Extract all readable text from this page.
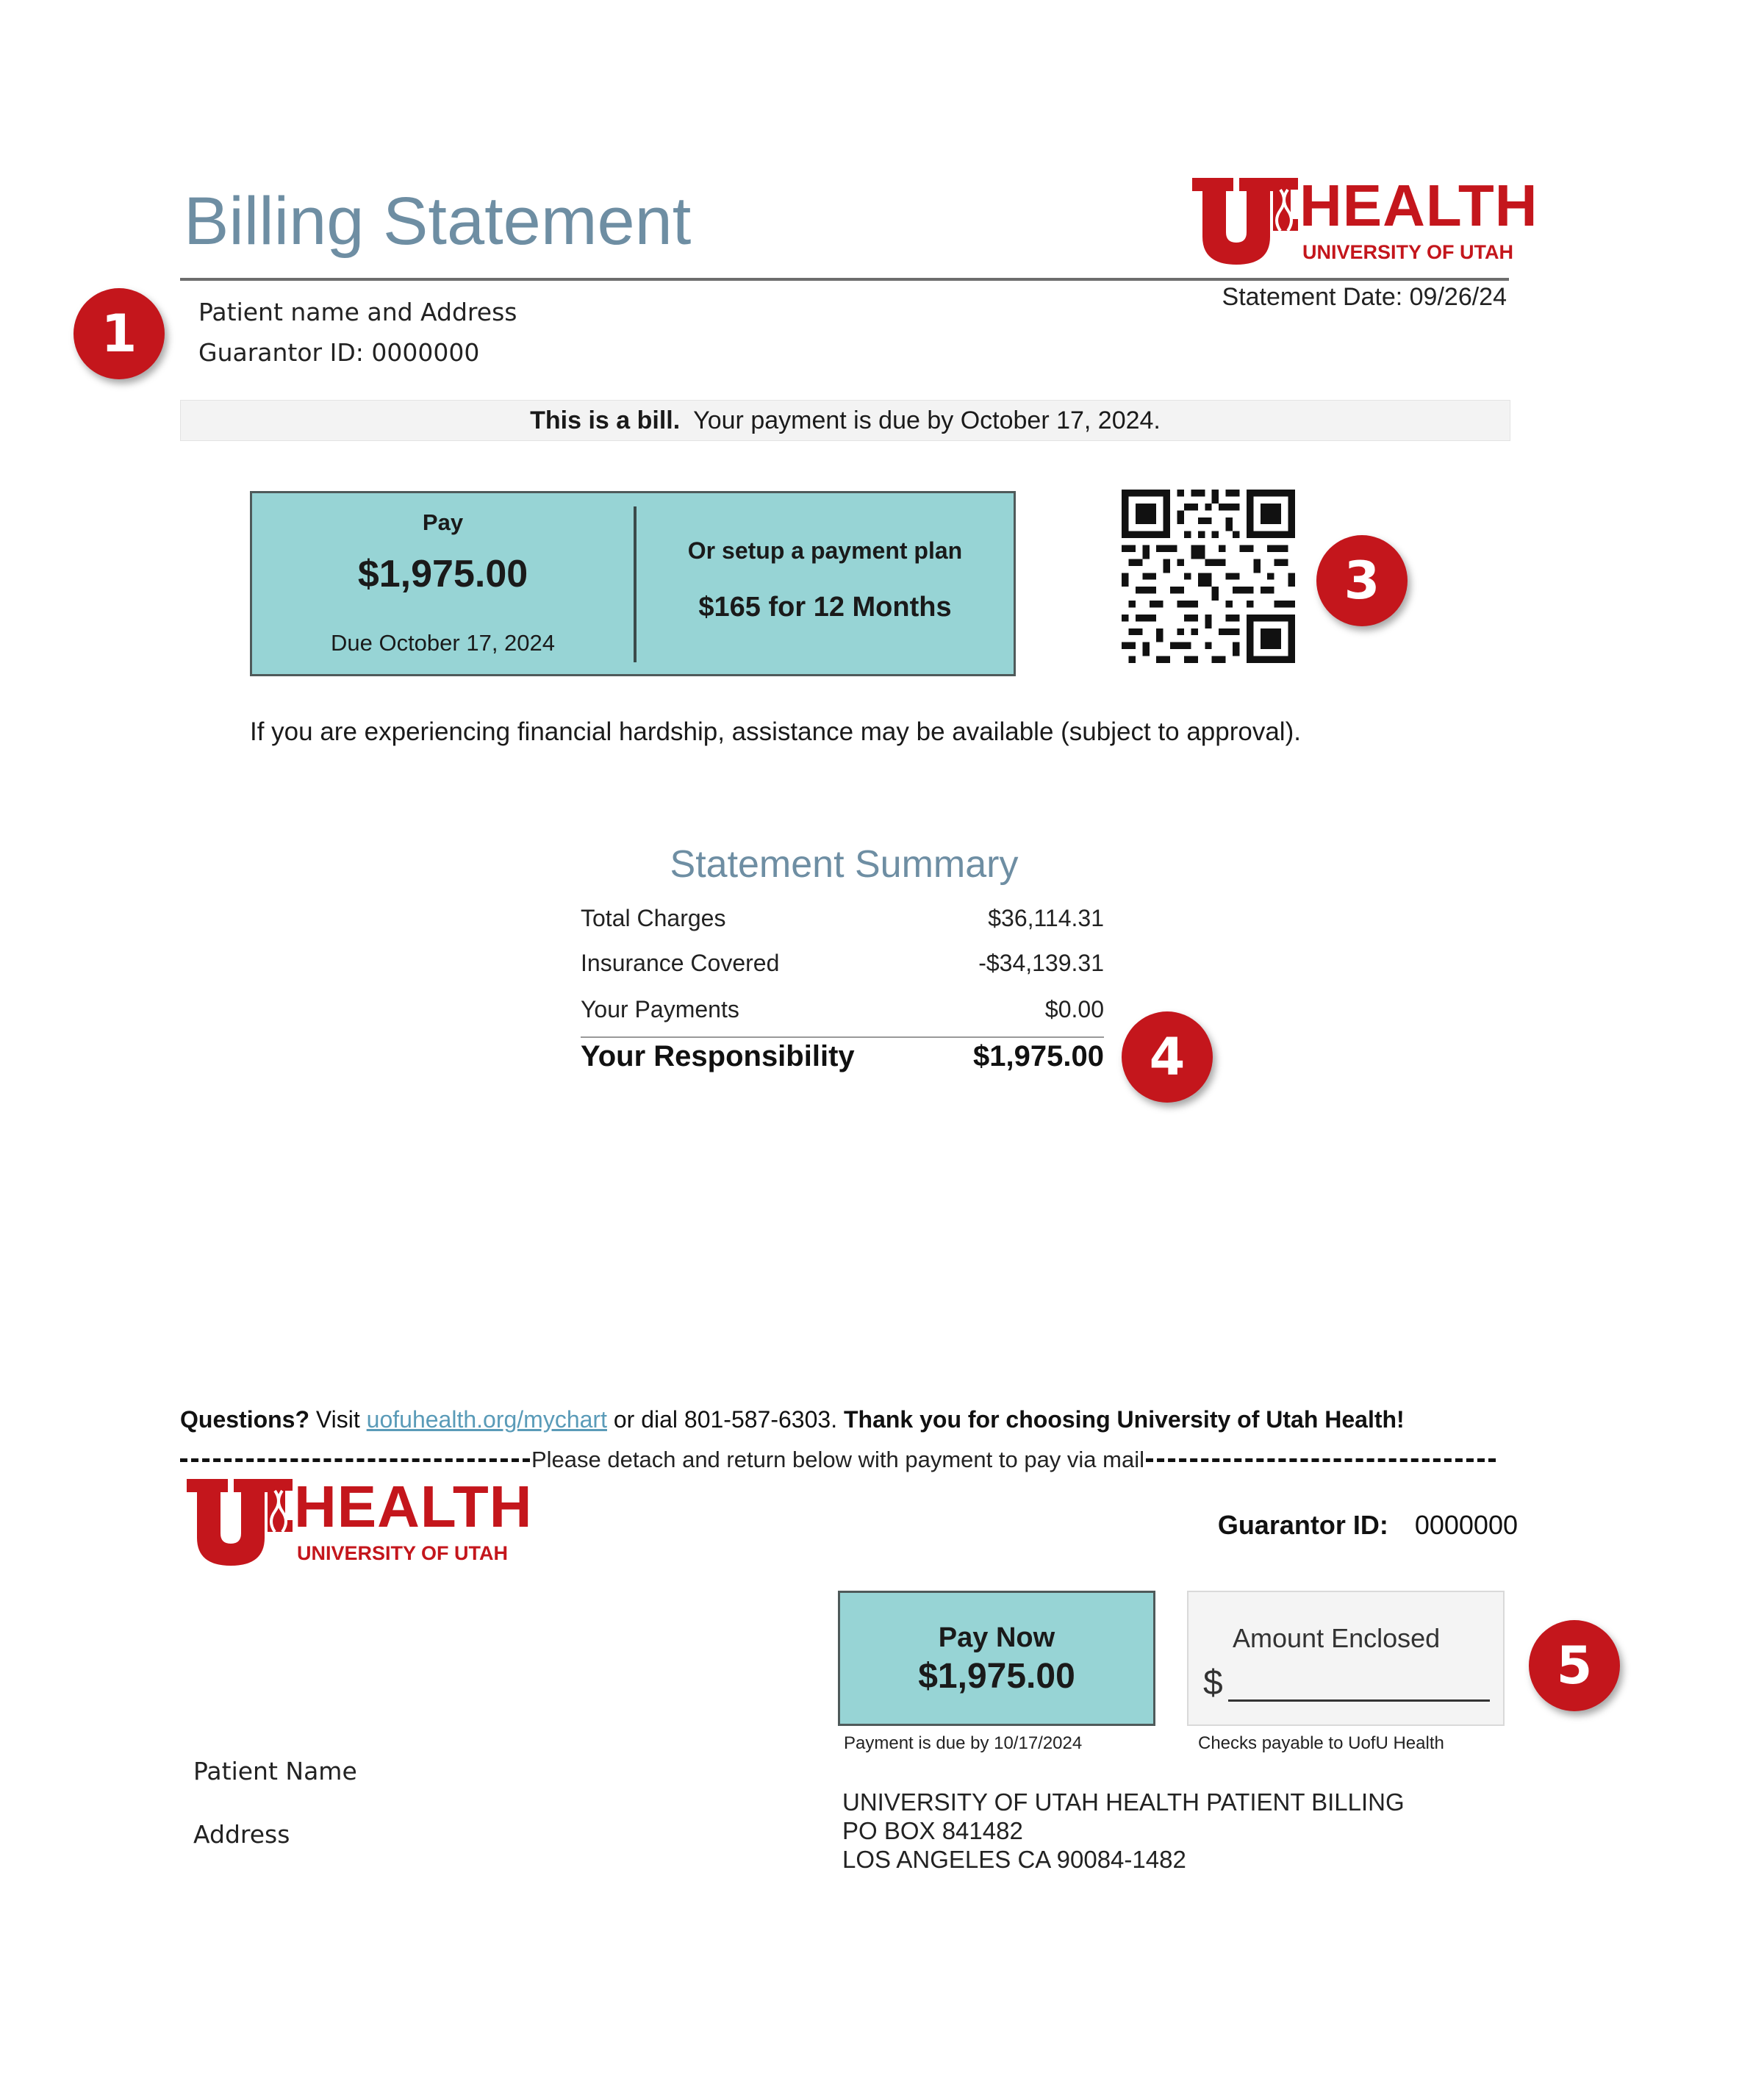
Billing Statement	HEALTH
UNIVERSITY OF UTAH
Statement Date: 09/26/24
1	Patient name and Address
Guarantor ID: 0000000
This is a bill. Your payment is due by October 17, 2024.
Pay
$1,975.00
Due October 17, 2024
Or setup a payment plan
$165 for 12 Months	3
If you are experiencing financial hardship, assistance may be available (subject to approval).
Statement Summary
Total Charges	$36,114.31
Insurance Covered	-$34,139.31
Your Payments	$0.00
Your Responsibility	$1,975.00 4
Questions? Visit uofuhealth.org/mychart or dial 801-587-6303. Thank you for choosing University of Utah Health!
Please detach and return below with payment to pay via mail
HEALTH
UNIVERSITY OF UTAH
Guarantor ID: 0000000
Pay Now
$1,975.00
Payment is due by 10/17/2024
Amount Enclosed
$
Checks payable to UofU Health
5
Patient Name
Address
UNIVERSITY OF UTAH HEALTH PATIENT BILLING
PO BOX 841482
LOS ANGELES CA 90084-1482
